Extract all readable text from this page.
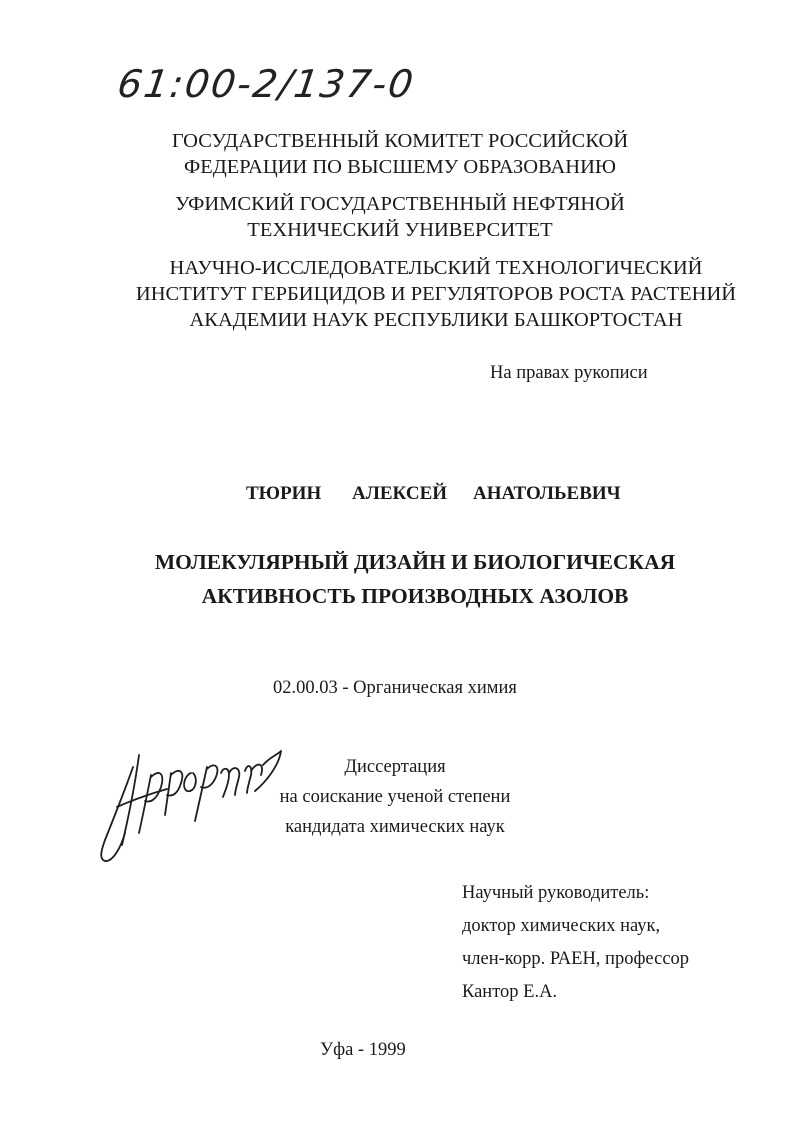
61:00-2/137-0

ГОСУДАРСТВЕННЫЙ КОМИТЕТ РОССИЙСКОЙ
ФЕДЕРАЦИИ ПО ВЫСШЕМУ ОБРАЗОВАНИЮ
УФИМСКИЙ ГОСУДАРСТВЕННЫЙ НЕФТЯНОЙ
ТЕХНИЧЕСКИЙ УНИВЕРСИТЕТ
НАУЧНО-ИССЛЕДОВАТЕЛЬСКИЙ ТЕХНОЛОГИЧЕСКИЙ
ИНСТИТУТ ГЕРБИЦИДОВ И РЕГУЛЯТОРОВ РОСТА РАСТЕНИЙ
АКАДЕМИИ НАУК РЕСПУБЛИКИ БАШКОРТОСТАН

На правах рукописи

ТЮРИН АЛЕКСЕЙ АНАТОЛЬЕВИЧ
МОЛЕКУЛЯРНЫЙ ДИЗАЙН И БИОЛОГИЧЕСКАЯ
АКТИВНОСТЬ ПРОИЗВОДНЫХ АЗОЛОВ

02.00.03 - Органическая химия

Диссертация
на соискание ученой степени
кандидата химических наук
Научный руководитель:
доктор химических наук,
член-корр. РАЕН, профессор
Кантор Е.А.

Уфа - 1999
